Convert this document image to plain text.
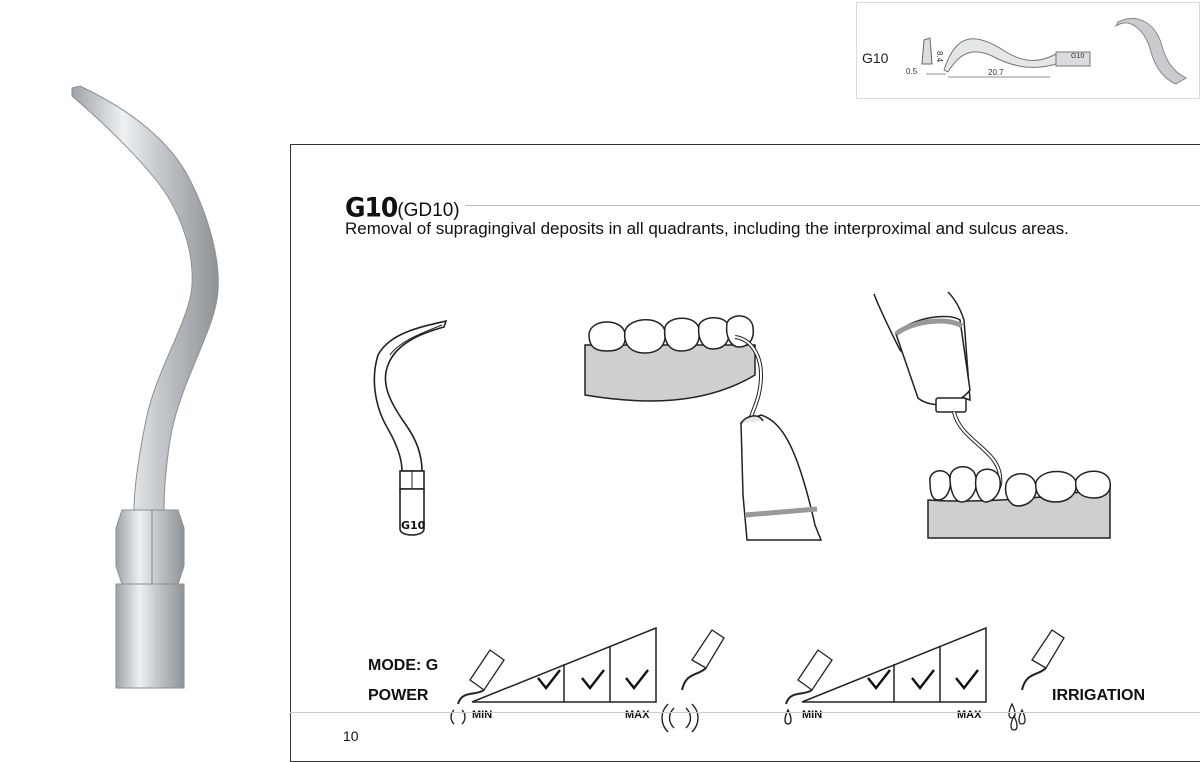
G10
0.5
8.4
20.7
G10
G10(GD10)
Removal of supragingival deposits in all quadrants, including the interproximal and sulcus areas.
G10
MODE: G
POWER
MIN	MAX	MIN	MAX
IRRIGATION
10
